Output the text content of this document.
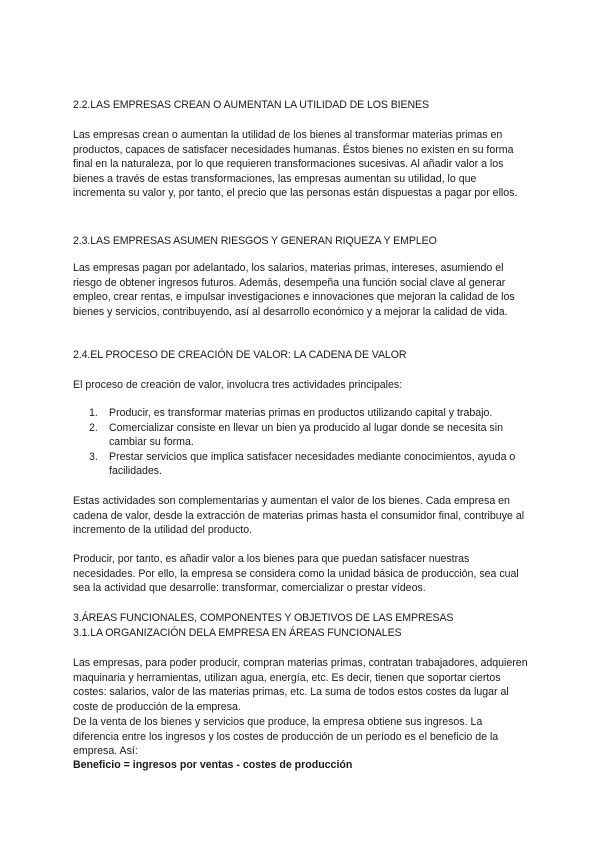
2.2.LAS EMPRESAS CREAN O AUMENTAN LA UTILIDAD DE LOS BIENES

Las empresas crean o aumentan la utilidad de los bienes al transformar materias primas en productos, capaces de satisfacer necesidades humanas. Éstos bienes no existen en su forma final en la naturaleza, por lo que requieren transformaciones sucesivas. Al añadir valor a los bienes a través de estas transformaciones, las empresas aumentan su utilidad, lo que incrementa su valor y, por tanto, el precio que las personas están dispuestas a pagar por ellos.

2.3.LAS EMPRESAS ASUMEN RIESGOS Y GENERAN RIQUEZA Y EMPLEO

Las empresas pagan por adelantado, los salarios, materias primas, intereses, asumiendo el riesgo de obtener ingresos futuros. Además, desempeña una función social clave al generar empleo, crear rentas, e impulsar investigaciones e innovaciones que mejoran la calidad de los bienes y servicios, contribuyendo, así al desarrollo económico y a mejorar la calidad de vida.

2.4.EL PROCESO DE CREACIÓN DE VALOR: LA CADENA DE VALOR

El proceso de creación de valor, involucra tres actividades principales:

1. Producir, es transformar materias primas en productos utilizando capital y trabajo.
2. Comercializar consiste en llevar un bien ya producido al lugar donde se necesita sin cambiar su forma.
3. Prestar servicios que implica satisfacer necesidades mediante conocimientos, ayuda o facilidades.

Estas actividades son complementarias y aumentan el valor de los bienes. Cada empresa en cadena de valor, desde la extracción de materias primas hasta el consumidor final, contribuye al incremento de la utilidad del producto.

Producir, por tanto, es añadir valor a los bienes para que puedan satisfacer nuestras necesidades. Por ello, la empresa se considera como la unidad básica de producción, sea cual sea la actividad que desarrolle: transformar, comercializar o prestar vídeos.

3.ÁREAS FUNCIONALES, COMPONENTES Y OBJETIVOS DE LAS EMPRESAS
3.1.LA ORGANIZACIÓN DELA EMPRESA EN ÁREAS FUNCIONALES

Las empresas, para poder producir, compran materias primas, contratan trabajadores, adquieren maquinaria y herramientas, utilizan agua, energía, etc. Es decir, tienen que soportar ciertos costes: salarios, valor de las materias primas, etc. La suma de todos estos costes da lugar al coste de producción de la empresa.

De la venta de los bienes y servicios que produce, la empresa obtiene sus ingresos. La diferencia entre los ingresos y los costes de producción de un período es el beneficio de la empresa. Así:

Beneficio = ingresos por ventas - costes de producción
